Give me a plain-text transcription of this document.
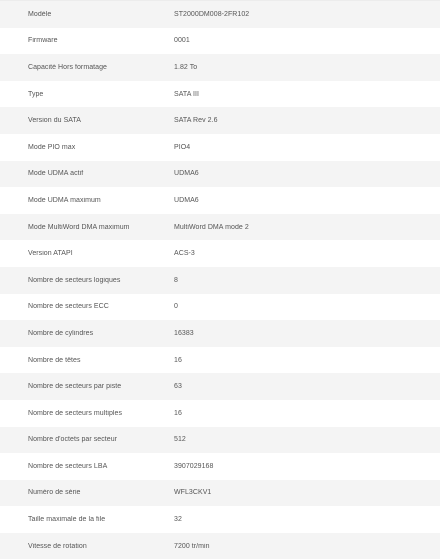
Modèle	ST2000DM008-2FR102
Firmware	0001
Capacité Hors formatage	1.82 To
Type	SATA III
Version du SATA	SATA Rev 2.6
Mode PIO max	PIO4
Mode UDMA actif	UDMA6
Mode UDMA maximum	UDMA6
Mode MultiWord DMA maximum	MultiWord DMA mode 2
Version ATAPI	ACS-3
Nombre de secteurs logiques	8
Nombre de secteurs ECC	0
Nombre de cylindres	16383
Nombre de têtes	16
Nombre de secteurs par piste	63
Nombre de secteurs multiples	16
Nombre d'octets par secteur	512
Nombre de secteurs LBA	3907029168
Numéro de série	WFL3CKV1
Taille maximale de la file	32
Vitesse de rotation	7200 tr/min
